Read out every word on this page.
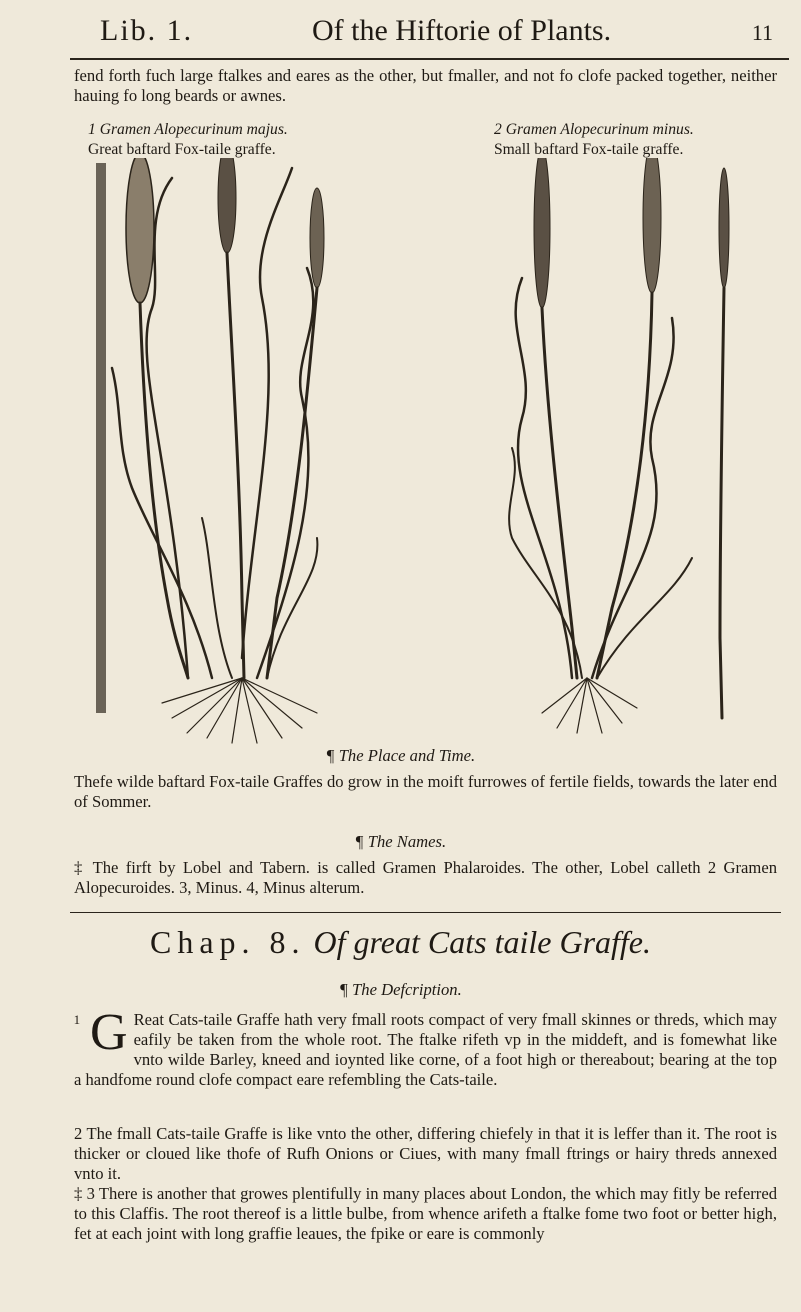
Lib. 1.	Of the Hiftorie of Plants.	11
fend forth fuch large ftalkes and eares as the other, but fmaller, and not fo clofe packed together, neither hauing fo long beards or awnes.
1 Gramen Alopecurinum majus.
Great baftard Fox-taile graffe.
2 Gramen Alopecurinum minus.
Small baftard Fox-taile graffe.
¶ The Place and Time.
Thefe wilde baftard Fox-taile Graffes do grow in the moift furrowes of fertile fields, towards the later end of Sommer.
¶ The Names.
‡ The firft by Lobel and Tabern. is called Gramen Phalaroides. The other, Lobel calleth 2 Gramen Alopecuroides. 3, Minus. 4, Minus alterum.
Chap. 8. Of great Cats taile Graffe.
¶ The Defcription.
G
1	Reat Cats-taile Graffe hath very fmall roots compact of very fmall skinnes or threds, which may eafily be taken from the whole root. The ftalke rifeth vp in the middeft, and is fomewhat like vnto wilde Barley, kneed and ioynted like corne, of a foot high or thereabout; bearing at the top a handfome round clofe compact eare refembling the Cats-taile.
2 The fmall Cats-taile Graffe is like vnto the other, differing chiefely in that it is leffer than it. The root is thicker or cloued like thofe of Rufh Onions or Ciues, with many fmall ftrings or hairy threds annexed vnto it.
‡ 3 There is another that growes plentifully in many places about London, the which may fitly be referred to this Claffis. The root thereof is a little bulbe, from whence arifeth a ftalke fome two foot or better high, fet at each joint with long graffie leaues, the fpike or eare is commonly
